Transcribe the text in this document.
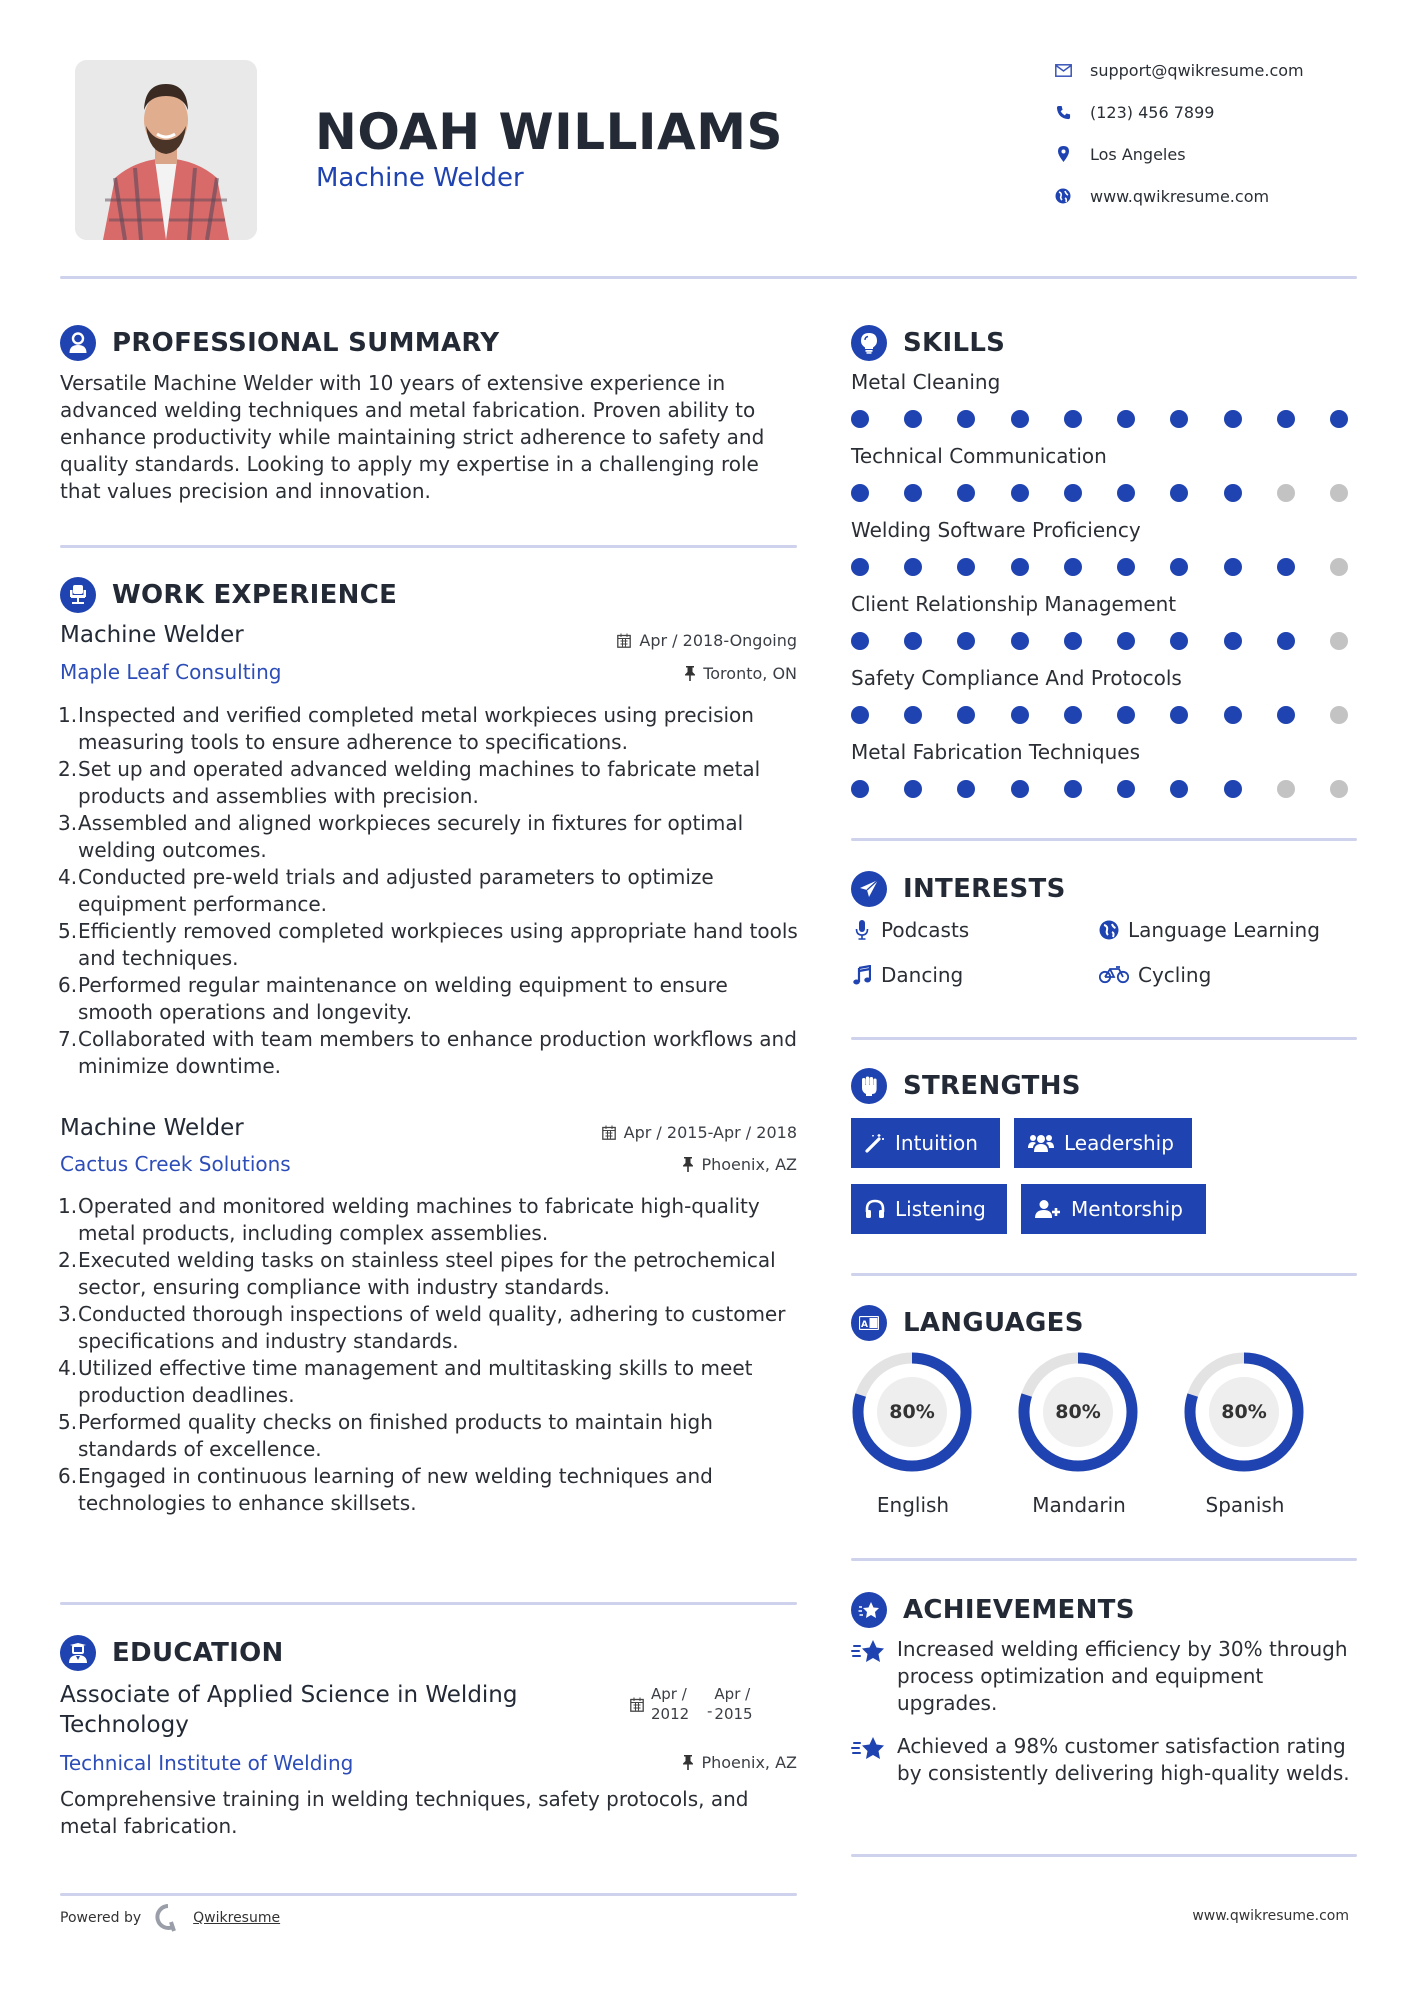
NOAH WILLIAMS
Machine Welder
support@qwikresume.com
(123) 456 7899
Los Angeles
www.qwikresume.com
PROFESSIONAL SUMMARY
Versatile Machine Welder with 10 years of extensive experience in advanced welding techniques and metal fabrication. Proven ability to enhance productivity while maintaining strict adherence to safety and quality standards. Looking to apply my expertise in a challenging role that values precision and innovation.
WORK EXPERIENCE
Machine Welder	Apr / 2018-Ongoing
Maple Leaf Consulting	Toronto, ON
1. Inspected and verified completed metal workpieces using precision measuring tools to ensure adherence to specifications.
2. Set up and operated advanced welding machines to fabricate metal products and assemblies with precision.
3. Assembled and aligned workpieces securely in fixtures for optimal welding outcomes.
4. Conducted pre-weld trials and adjusted parameters to optimize equipment performance.
5. Efficiently removed completed workpieces using appropriate hand tools and techniques.
6. Performed regular maintenance on welding equipment to ensure smooth operations and longevity.
7. Collaborated with team members to enhance production workflows and minimize downtime.
Machine Welder	Apr / 2015-Apr / 2018
Cactus Creek Solutions	Phoenix, AZ
1. Operated and monitored welding machines to fabricate high-quality metal products, including complex assemblies.
2. Executed welding tasks on stainless steel pipes for the petrochemical sector, ensuring compliance with industry standards.
3. Conducted thorough inspections of weld quality, adhering to customer specifications and industry standards.
4. Utilized effective time management and multitasking skills to meet production deadlines.
5. Performed quality checks on finished products to maintain high standards of excellence.
6. Engaged in continuous learning of new welding techniques and technologies to enhance skillsets.
EDUCATION
Associate of Applied Science in Welding Technology
Apr / 2012	-
Apr / 2015
Technical Institute of Welding	Phoenix, AZ
Comprehensive training in welding techniques, safety protocols, and metal fabrication.
Powered by	Qwikresume	www.qwikresume.com
SKILLS
Metal Cleaning
Technical Communication
Welding Software Proficiency
Client Relationship Management
Safety Compliance And Protocols
Metal Fabrication Techniques
INTERESTS
Podcasts	Language Learning
Dancing	Cycling
STRENGTHS
Intuition	Leadership
Listening	Mentorship
A LANGUAGES
80%
English
80%
Mandarin
80%
Spanish
ACHIEVEMENTS
Increased welding efficiency by 30% through process optimization and equipment upgrades.
Achieved a 98% customer satisfaction rating by consistently delivering high-quality welds.
